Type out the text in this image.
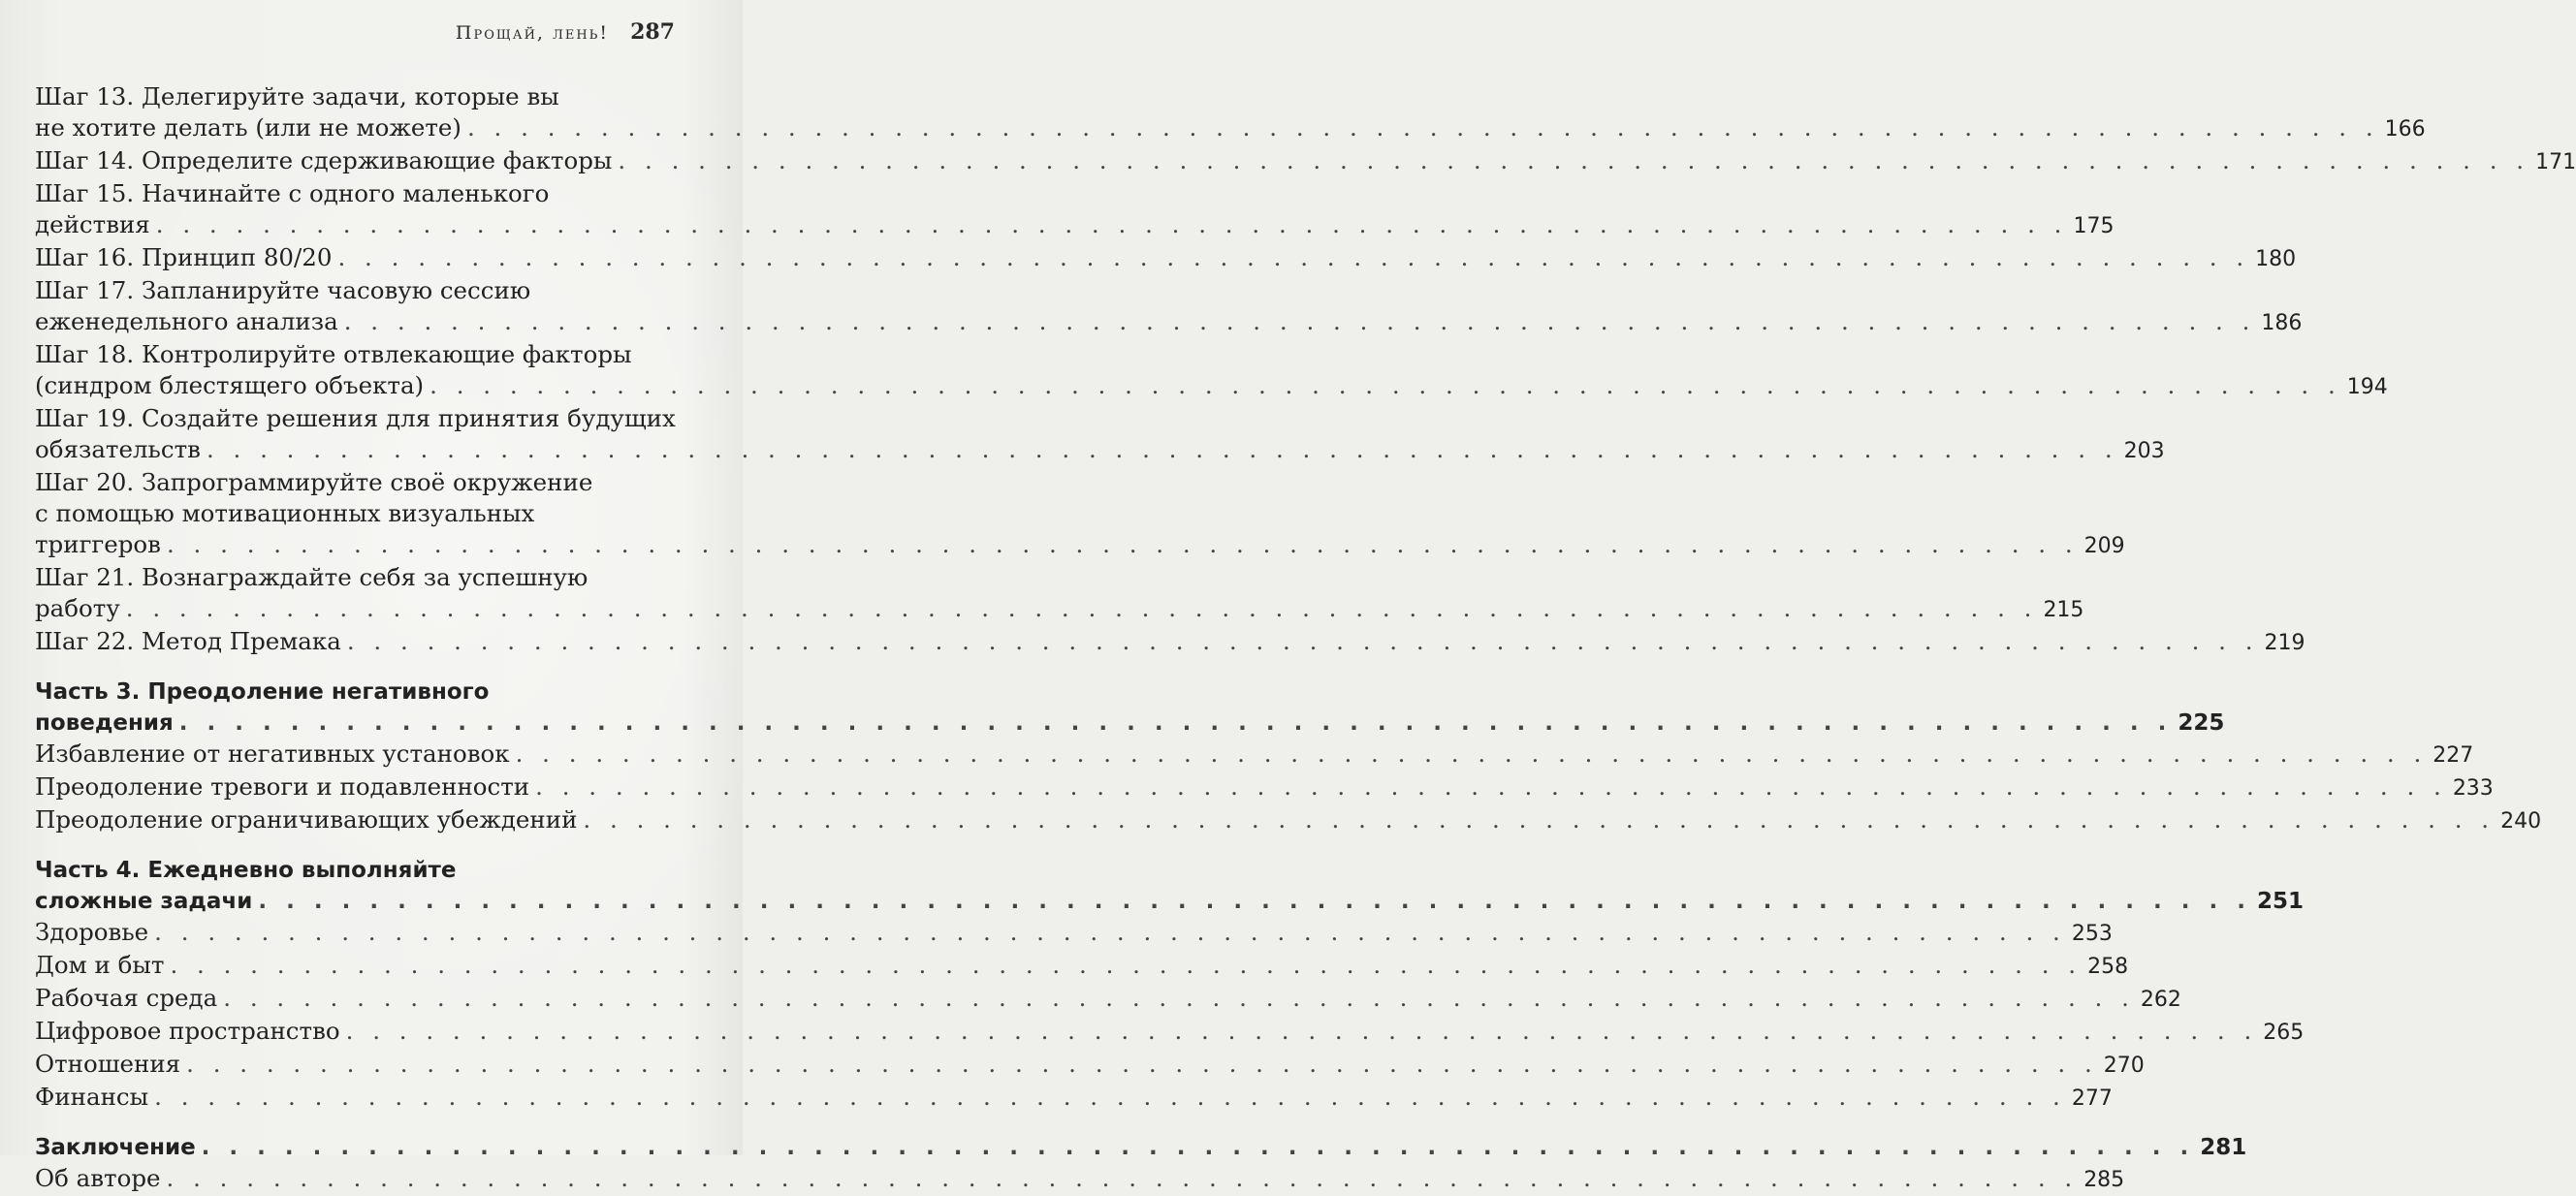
Прощай, лень! 287
Шаг 13. Делегируйте задачи, которые вы
не хотите делать (или не можете) . . .	166
Шаг 14. Определите сдерживающие факторы . . .	171
Шаг 15. Начинайте с одного маленького
действия . . .	175
Шаг 16. Принцип 80/20 . . .	180
Шаг 17. Запланируйте часовую сессию
еженедельного анализа . . .	186
Шаг 18. Контролируйте отвлекающие факторы
(синдром блестящего объекта) . . .	194
Шаг 19. Создайте решения для принятия будущих
обязательств . . .	203
Шаг 20. Запрограммируйте своё окружение
с помощью мотивационных визуальных
триггеров . . .	209
Шаг 21. Вознаграждайте себя за успешную
работу . . .	215
Шаг 22. Метод Премака . . .	219
Часть 3. Преодоление негативного
поведения . . .	225
Избавление от негативных установок . . .	227
Преодоление тревоги и подавленности . . .	233
Преодоление ограничивающих убеждений . . .	240
Часть 4. Ежедневно выполняйте
сложные задачи . . .	251
Здоровье . . .	253
Дом и быт . . .	258
Рабочая среда . . .	262
Цифровое пространство . . .	265
Отношения . . .	270
Финансы . . .	277
Заключение . . .	281
Об авторе . . .	285
